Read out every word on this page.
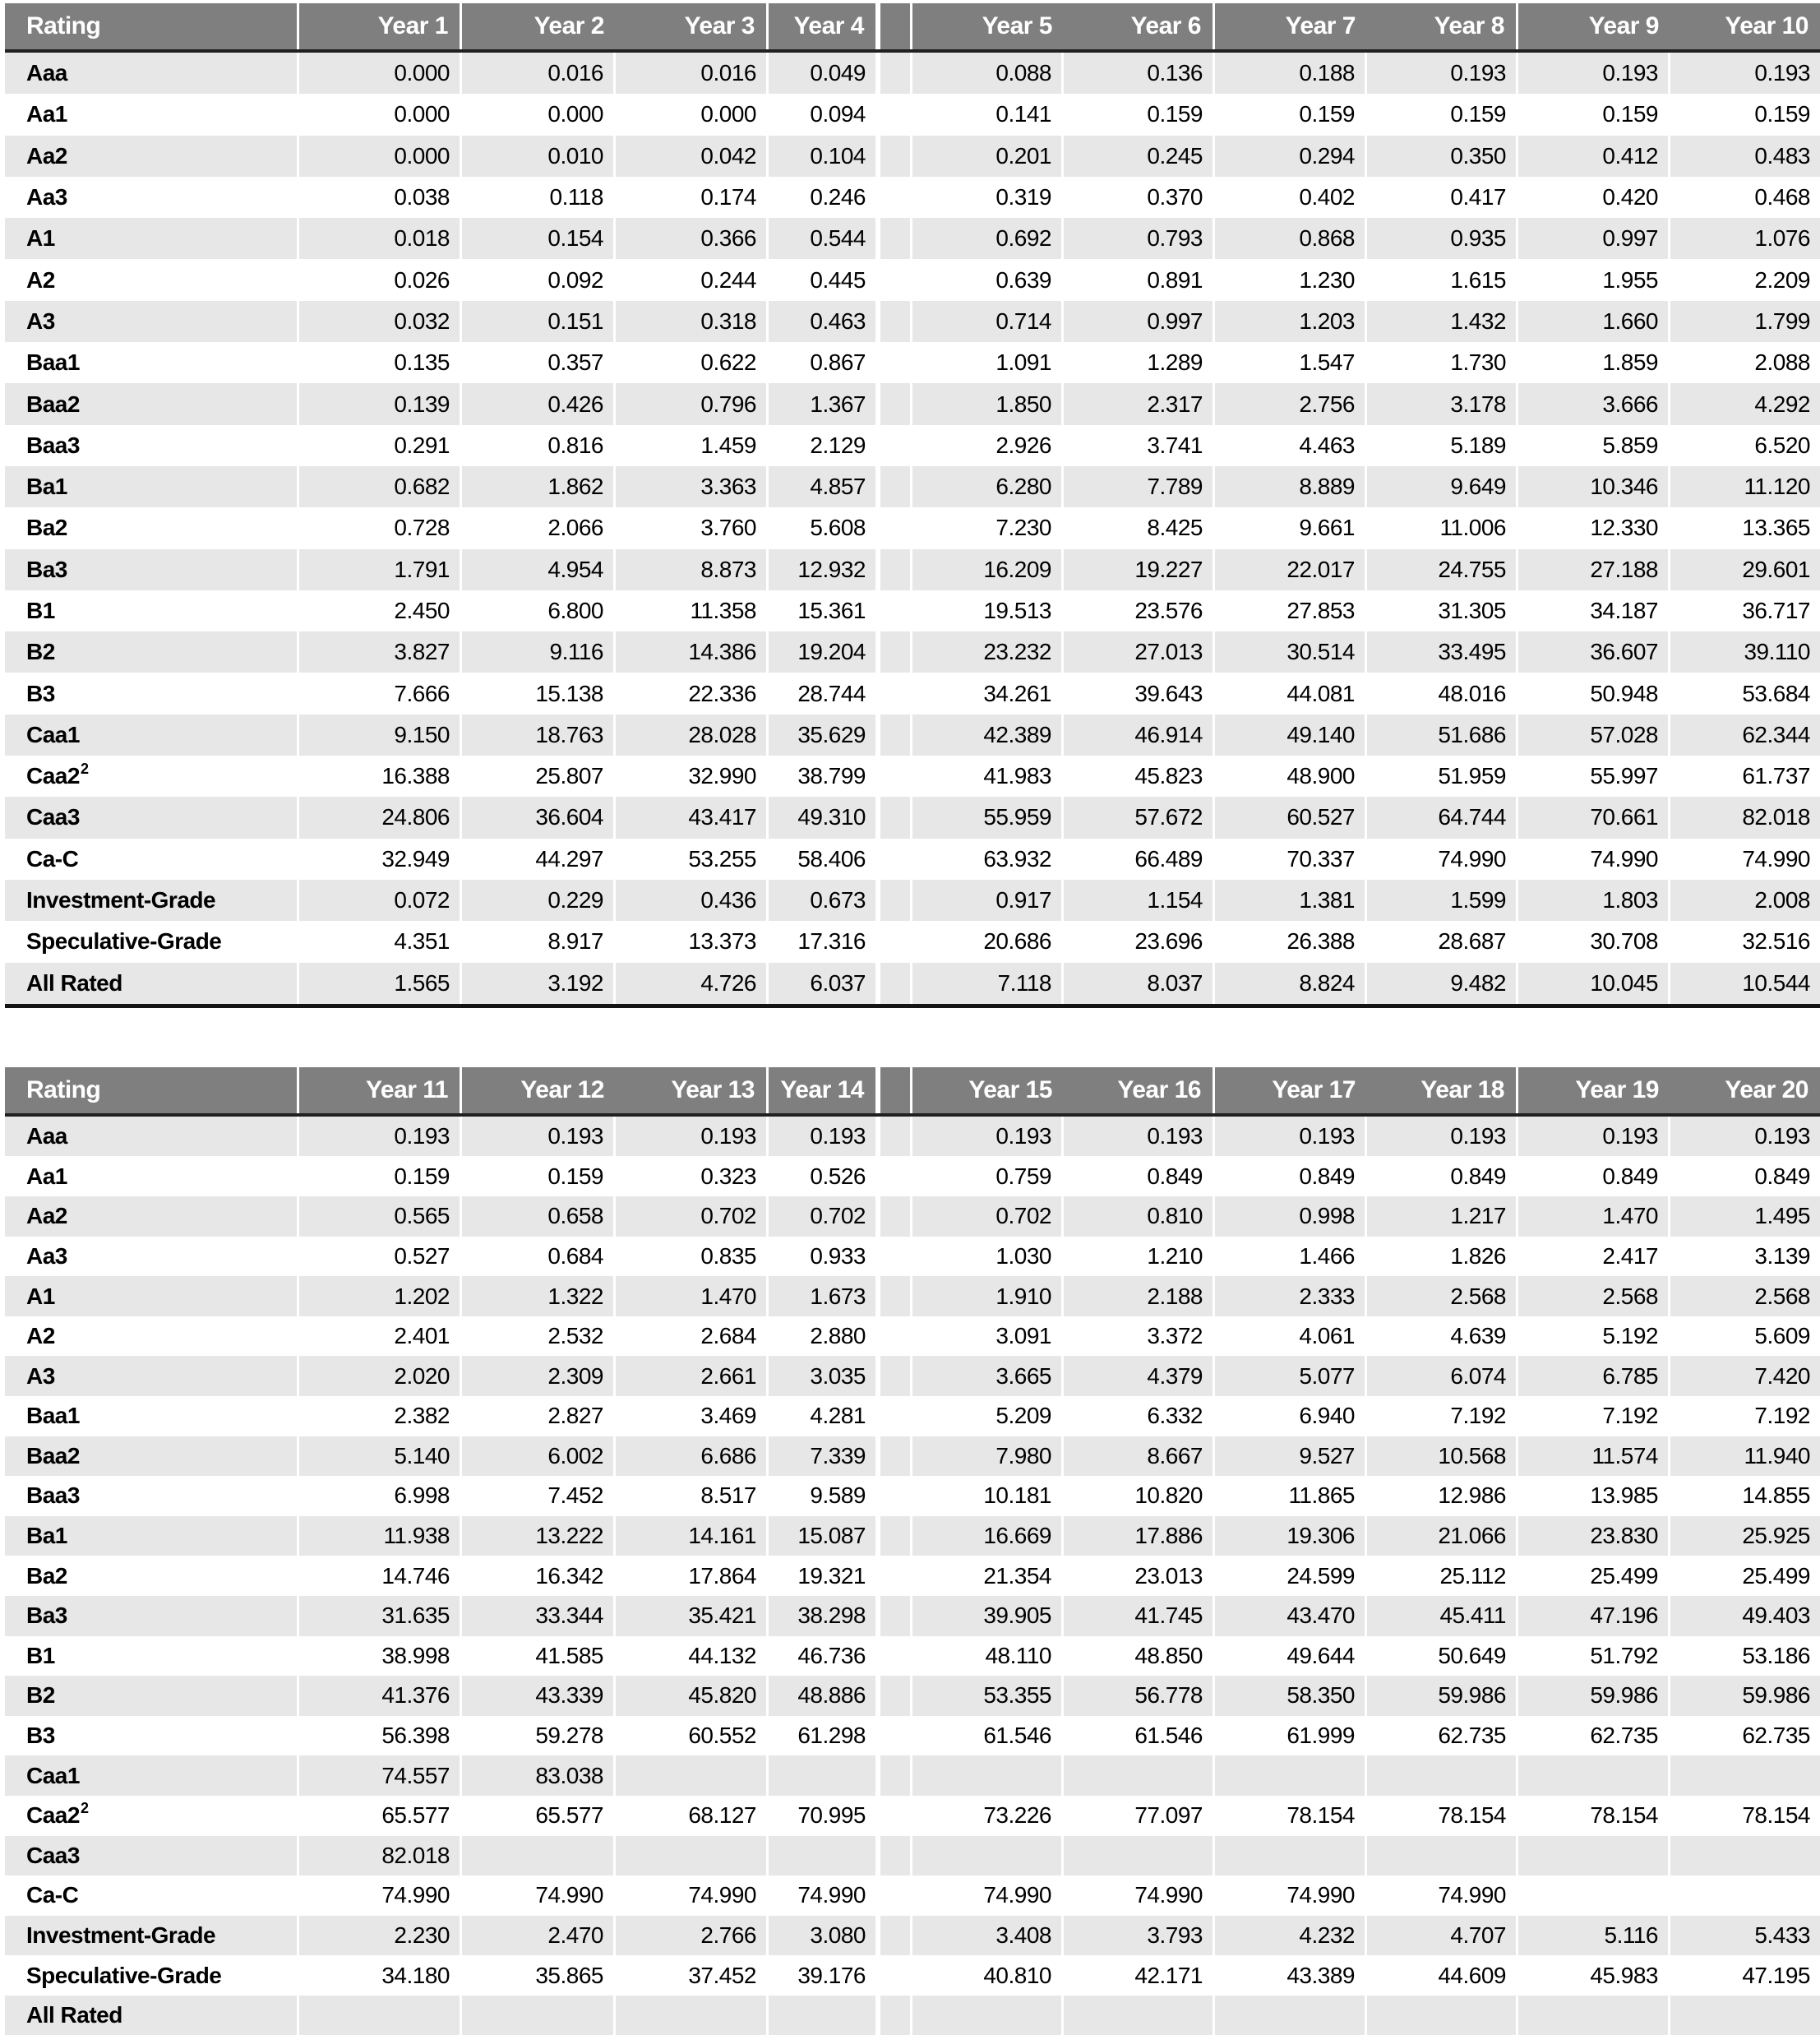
Rating	Year 1	Year 2	Year 3	Year 4	Year 5	Year 6	Year 7	Year 8	Year 9	Year 10
Aaa	0.000	0.016	0.016	0.049	0.088	0.136	0.188	0.193	0.193	0.193
Aa1	0.000	0.000	0.000	0.094	0.141	0.159	0.159	0.159	0.159	0.159
Aa2	0.000	0.010	0.042	0.104	0.201	0.245	0.294	0.350	0.412	0.483
Aa3	0.038	0.118	0.174	0.246	0.319	0.370	0.402	0.417	0.420	0.468
A1	0.018	0.154	0.366	0.544	0.692	0.793	0.868	0.935	0.997	1.076
A2	0.026	0.092	0.244	0.445	0.639	0.891	1.230	1.615	1.955	2.209
A3	0.032	0.151	0.318	0.463	0.714	0.997	1.203	1.432	1.660	1.799
Baa1	0.135	0.357	0.622	0.867	1.091	1.289	1.547	1.730	1.859	2.088
Baa2	0.139	0.426	0.796	1.367	1.850	2.317	2.756	3.178	3.666	4.292
Baa3	0.291	0.816	1.459	2.129	2.926	3.741	4.463	5.189	5.859	6.520
Ba1	0.682	1.862	3.363	4.857	6.280	7.789	8.889	9.649	10.346	11.120
Ba2	0.728	2.066	3.760	5.608	7.230	8.425	9.661	11.006	12.330	13.365
Ba3	1.791	4.954	8.873	12.932	16.209	19.227	22.017	24.755	27.188	29.601
B1	2.450	6.800	11.358	15.361	19.513	23.576	27.853	31.305	34.187	36.717
B2	3.827	9.116	14.386	19.204	23.232	27.013	30.514	33.495	36.607	39.110
B3	7.666	15.138	22.336	28.744	34.261	39.643	44.081	48.016	50.948	53.684
Caa1	9.150	18.763	28.028	35.629	42.389	46.914	49.140	51.686	57.028	62.344
Caa2 2	16.388	25.807	32.990	38.799	41.983	45.823	48.900	51.959	55.997	61.737
Caa3	24.806	36.604	43.417	49.310	55.959	57.672	60.527	64.744	70.661	82.018
Ca-C	32.949	44.297	53.255	58.406	63.932	66.489	70.337	74.990	74.990	74.990
Investment-Grade	0.072	0.229	0.436	0.673	0.917	1.154	1.381	1.599	1.803	2.008
Speculative-Grade	4.351	8.917	13.373	17.316	20.686	23.696	26.388	28.687	30.708	32.516
All Rated	1.565	3.192	4.726	6.037	7.118	8.037	8.824	9.482	10.045	10.544
Rating	Year 11	Year 12	Year 13	Year 14	Year 15	Year 16	Year 17	Year 18	Year 19	Year 20
Aaa	0.193	0.193	0.193	0.193	0.193	0.193	0.193	0.193	0.193	0.193
Aa1	0.159	0.159	0.323	0.526	0.759	0.849	0.849	0.849	0.849	0.849
Aa2	0.565	0.658	0.702	0.702	0.702	0.810	0.998	1.217	1.470	1.495
Aa3	0.527	0.684	0.835	0.933	1.030	1.210	1.466	1.826	2.417	3.139
A1	1.202	1.322	1.470	1.673	1.910	2.188	2.333	2.568	2.568	2.568
A2	2.401	2.532	2.684	2.880	3.091	3.372	4.061	4.639	5.192	5.609
A3	2.020	2.309	2.661	3.035	3.665	4.379	5.077	6.074	6.785	7.420
Baa1	2.382	2.827	3.469	4.281	5.209	6.332	6.940	7.192	7.192	7.192
Baa2	5.140	6.002	6.686	7.339	7.980	8.667	9.527	10.568	11.574	11.940
Baa3	6.998	7.452	8.517	9.589	10.181	10.820	11.865	12.986	13.985	14.855
Ba1	11.938	13.222	14.161	15.087	16.669	17.886	19.306	21.066	23.830	25.925
Ba2	14.746	16.342	17.864	19.321	21.354	23.013	24.599	25.112	25.499	25.499
Ba3	31.635	33.344	35.421	38.298	39.905	41.745	43.470	45.411	47.196	49.403
B1	38.998	41.585	44.132	46.736	48.110	48.850	49.644	50.649	51.792	53.186
B2	41.376	43.339	45.820	48.886	53.355	56.778	58.350	59.986	59.986	59.986
B3	56.398	59.278	60.552	61.298	61.546	61.546	61.999	62.735	62.735	62.735
Caa1	74.557	83.038
Caa2 2	65.577	65.577	68.127	70.995	73.226	77.097	78.154	78.154	78.154	78.154
Caa3	82.018
Ca-C	74.990	74.990	74.990	74.990	74.990	74.990	74.990	74.990
Investment-Grade	2.230	2.470	2.766	3.080	3.408	3.793	4.232	4.707	5.116	5.433
Speculative-Grade	34.180	35.865	37.452	39.176	40.810	42.171	43.389	44.609	45.983	47.195
All Rated
